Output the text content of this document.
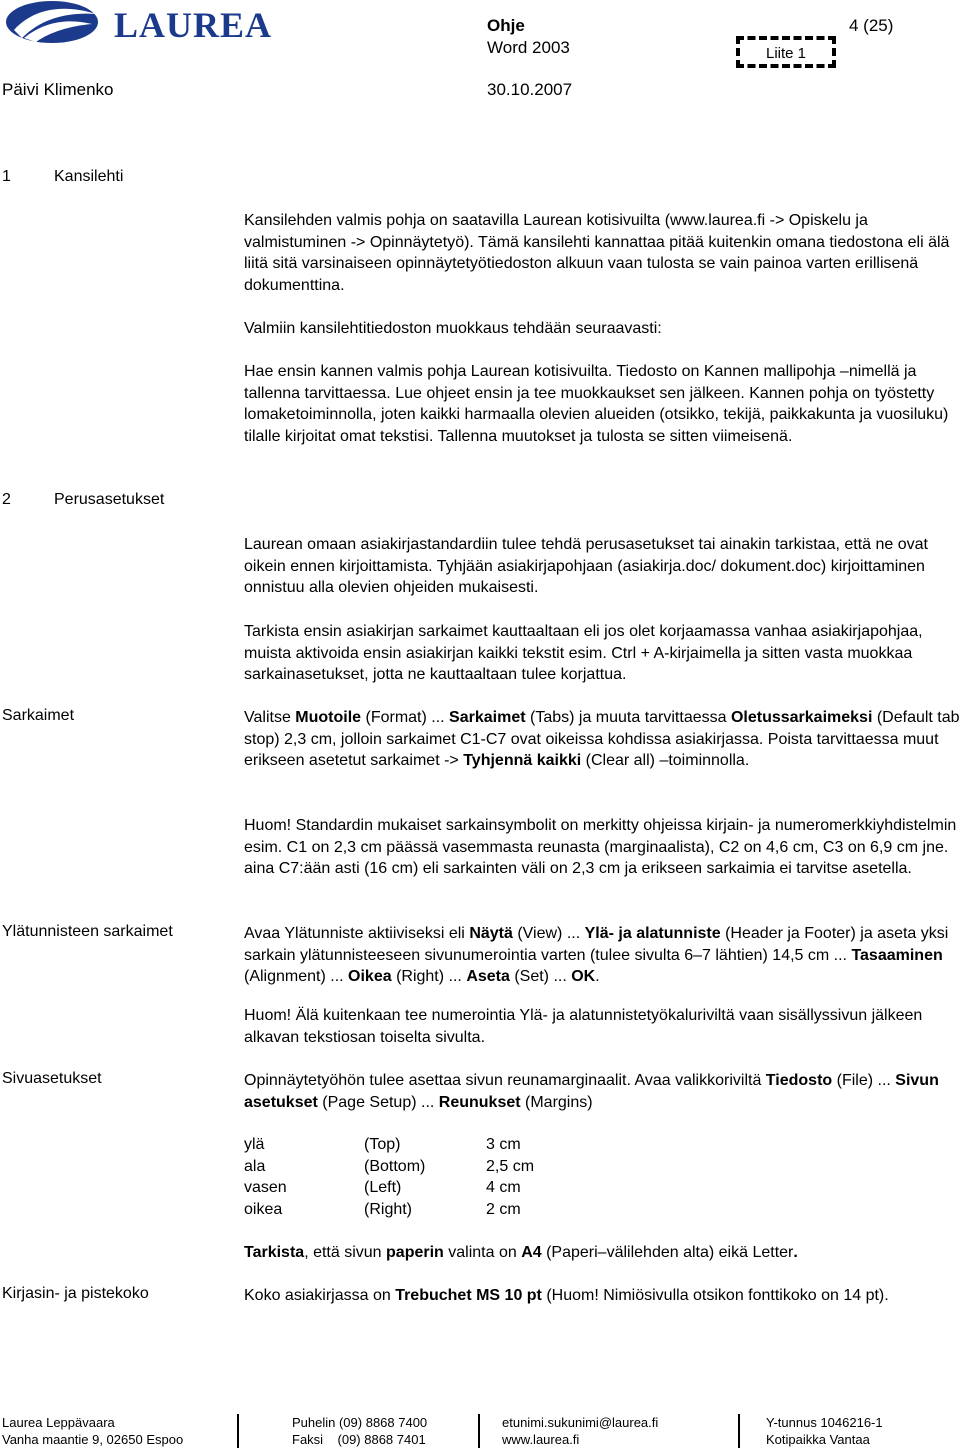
LAUREA	Ohje
Word 2003
4 (25)
Liite 1
Päivi Klimenko	30.10.2007
1	Kansilehti
Kansilehden valmis pohja on saatavilla Laurean kotisivuilta (www.laurea.fi -> Opiskelu ja valmistuminen -> Opinnäytetyö). Tämä kansilehti kannattaa pitää kuitenkin omana tiedostona eli älä liitä sitä varsinaiseen opinnäytetyötiedoston alkuun vaan tulosta se vain painoa varten erillisenä dokumenttina.
Valmiin kansilehtitiedoston muokkaus tehdään seuraavasti:
Hae ensin kannen valmis pohja Laurean kotisivuilta. Tiedosto on Kannen mallipohja –nimellä ja tallenna tarvittaessa. Lue ohjeet ensin ja tee muokkaukset sen jälkeen. Kannen pohja on työstetty lomaketoiminnolla, joten kaikki harmaalla olevien alueiden (otsikko, tekijä, paikkakunta ja vuosiluku) tilalle kirjoitat omat tekstisi. Tallenna muutokset ja tulosta se sitten viimeisenä.
2	Perusasetukset
Laurean omaan asiakirjastandardiin tulee tehdä perusasetukset tai ainakin tarkistaa, että ne ovat oikein ennen kirjoittamista. Tyhjään asiakirjapohjaan (asiakirja.doc/ dokument.doc) kirjoittaminen onnistuu alla olevien ohjeiden mukaisesti.
Tarkista ensin asiakirjan sarkaimet kauttaaltaan eli jos olet korjaamassa vanhaa asiakirjapohjaa, muista aktivoida ensin asiakirjan kaikki tekstit esim. Ctrl + A-kirjaimella ja sitten vasta muokkaa sarkainasetukset, jotta ne kauttaaltaan tulee korjattua.
Sarkaimet	Valitse Muotoile (Format) ... Sarkaimet (Tabs) ja muuta tarvittaessa Oletussarkaimeksi (Default tab stop) 2,3 cm, jolloin sarkaimet C1-C7 ovat oikeissa kohdissa asiakirjassa. Poista tarvittaessa muut erikseen asetetut sarkaimet -> Tyhjennä kaikki (Clear all) –toiminnolla.
Huom! Standardin mukaiset sarkainsymbolit on merkitty ohjeissa kirjain- ja numeromerkkiyhdistelmin esim. C1 on 2,3 cm päässä vasemmasta reunasta (marginaalista), C2 on 4,6 cm, C3 on 6,9 cm jne. aina C7:ään asti (16 cm) eli sarkainten väli on 2,3 cm ja erikseen sarkaimia ei tarvitse asetella.
Ylätunnisteen sarkaimet	Avaa Ylätunniste aktiiviseksi eli Näytä (View) ... Ylä- ja alatunniste (Header ja Footer) ja aseta yksi sarkain ylätunnisteeseen sivunumerointia varten (tulee sivulta 6–7 lähtien) 14,5 cm ... Tasaaminen (Alignment) ... Oikea (Right) ... Aseta (Set) ... OK.
Huom! Älä kuitenkaan tee numerointia Ylä- ja alatunnistetyökaluriviltä vaan sisällyssivun jälkeen alkavan tekstiosan toiselta sivulta.
Sivuasetukset	Opinnäytetyöhön tulee asettaa sivun reunamarginaalit. Avaa valikkoriviltä Tiedosto (File) ... Sivun asetukset (Page Setup) ... Reunukset (Margins)
ylä	(Top)	3 cm
ala	(Bottom)	2,5 cm
vasen	(Left)	4 cm
oikea	(Right)	2 cm
Tarkista, että sivun paperin valinta on A4 (Paperi–välilehden alta) eikä Letter.
Kirjasin- ja pistekoko	Koko asiakirjassa on Trebuchet MS 10 pt (Huom! Nimiösivulla otsikon fonttikoko on 14 pt).
Laurea Leppävaara
Vanha maantie 9, 02650 Espoo
Puhelin (09) 8868 7400
Faksi    (09) 8868 7401
etunimi.sukunimi@laurea.fi
www.laurea.fi
Y-tunnus 1046216-1
Kotipaikka Vantaa
